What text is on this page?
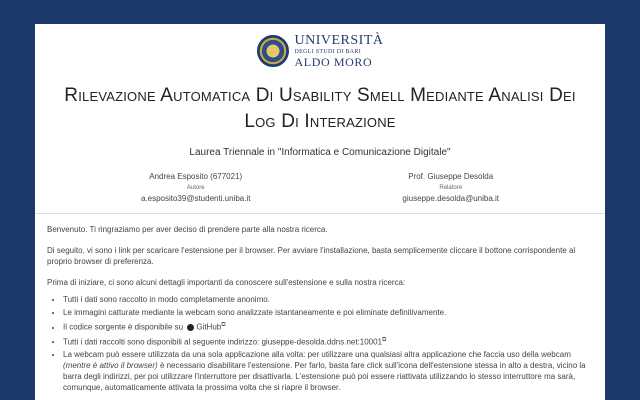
UNIVERSITÀ
DEGLI STUDI DI BARI
ALDO MORO
Rilevazione Automatica Di Usability Smell Mediante Analisi Dei Log Di Interazione
Laurea Triennale in "Informatica e Comunicazione Digitale"
Andrea Esposito (677021)
Autore
a.esposito39@studenti.uniba.it
Prof. Giuseppe Desolda
Relatore
giuseppe.desolda@uniba.it

Benvenuto. Ti ringraziamo per aver deciso di prendere parte alla nostra ricerca.

Di seguito, vi sono i link per scaricare l'estensione per il browser. Per avviare l'installazione, basta semplicemente cliccare il bottone corrispondente al proprio browser di preferenza.

Prima di iniziare, ci sono alcuni dettagli importanti da conoscere sull'estensione e sulla nostra ricerca:

• Tutti i dati sono raccolto in modo completamente anonimo.
• Le immagini catturate mediante la webcam sono analizzate istantaneamente e poi eliminate definitivamente.
• Il codice sorgente è disponibile su GitHub⧉
• Tutti i dati raccolti sono disponibili al seguente indirizzo: giuseppe-desolda.ddns.net:10001⧉
• La webcam può essere utilizzata da una sola applicazione alla volta: per utilizzare una qualsiasi altra applicazione che faccia uso della webcam (mentre è attivo il browser) è necessario disabilitare l'estensione. Per farlo, basta fare click sull'icona dell'estensione stessa in alto a destra, vicino la barra degli indirizzi, per poi utilizzare l'interruttore per disattivarla. L'estensione può poi essere riattivata utilizzando lo stesso interruttore ma sarà, comunque, automaticamente attivata la prossima volta che si riapre il browser.
